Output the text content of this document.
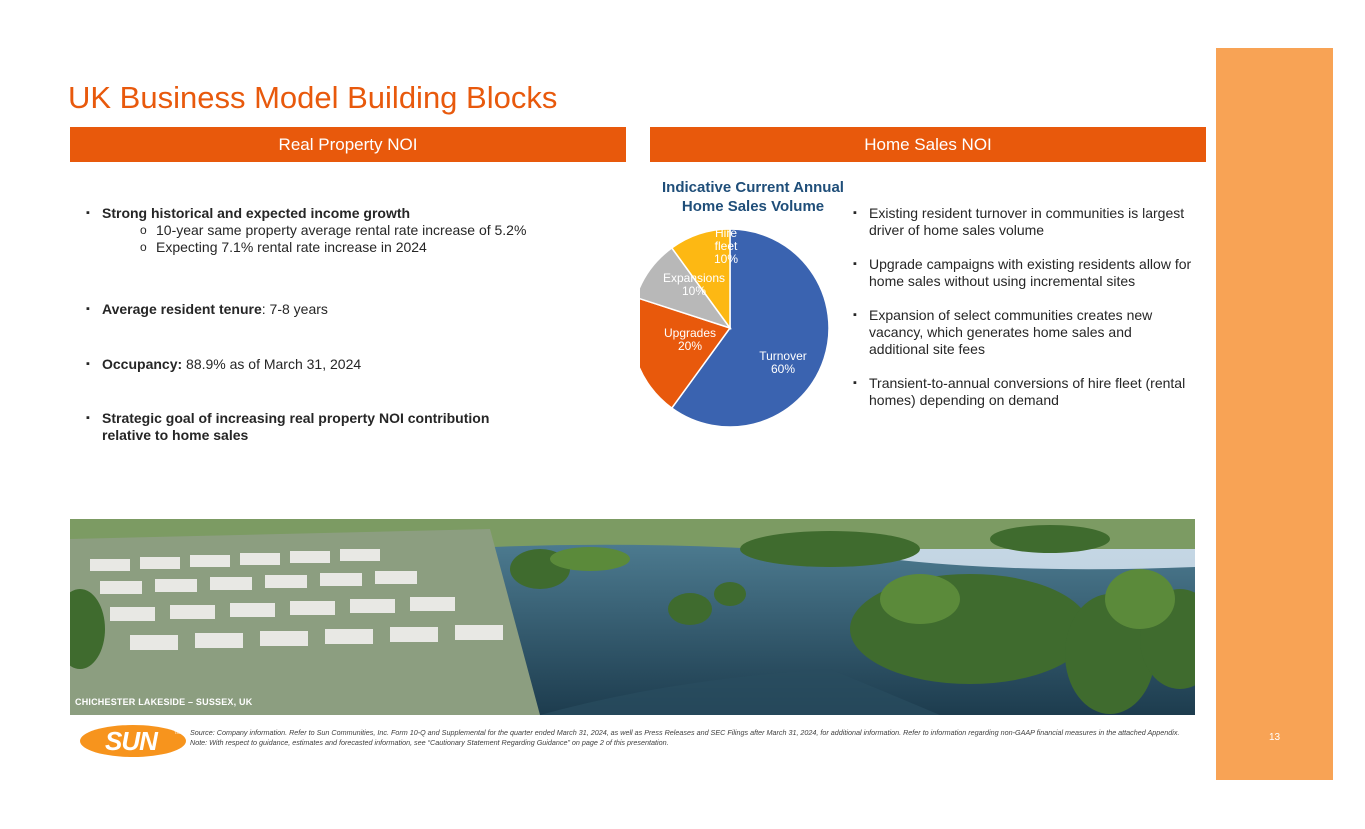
13
UK Business Model Building Blocks
Real Property NOI	Home Sales NOI
▪ Strong historical and expected income growth
o 10-year same property average rental rate increase of 5.2%
o Expecting 7.1% rental rate increase in 2024
▪ Average resident tenure: 7-8 years
▪ Occupancy: 88.9% as of March 31, 2024
▪ Strategic goal of increasing real property NOI contribution relative to home sales
Indicative Current Annual Home Sales Volume
Turnover 60%
Upgrades 20%
Expansions 10%
Hire fleet 10%
▪ Existing resident turnover in communities is largest driver of home sales volume
▪ Upgrade campaigns with existing residents allow for home sales without using incremental sites
▪ Expansion of select communities creates new vacancy, which generates home sales and additional site fees
▪ Transient-to-annual conversions of hire fleet (rental homes) depending on demand
CHICHESTER LAKESIDE – SUSSEX, UK
SUN	TM Source: Company information. Refer to Sun Communities, Inc. Form 10-Q and Supplemental for the quarter ended March 31, 2024, as well as Press Releases and SEC Filings after March 31, 2024, for additional information. Refer to information regarding non-GAAP financial measures in the attached Appendix.
Note: With respect to guidance, estimates and forecasted information, see “Cautionary Statement Regarding Guidance” on page 2 of this presentation.
